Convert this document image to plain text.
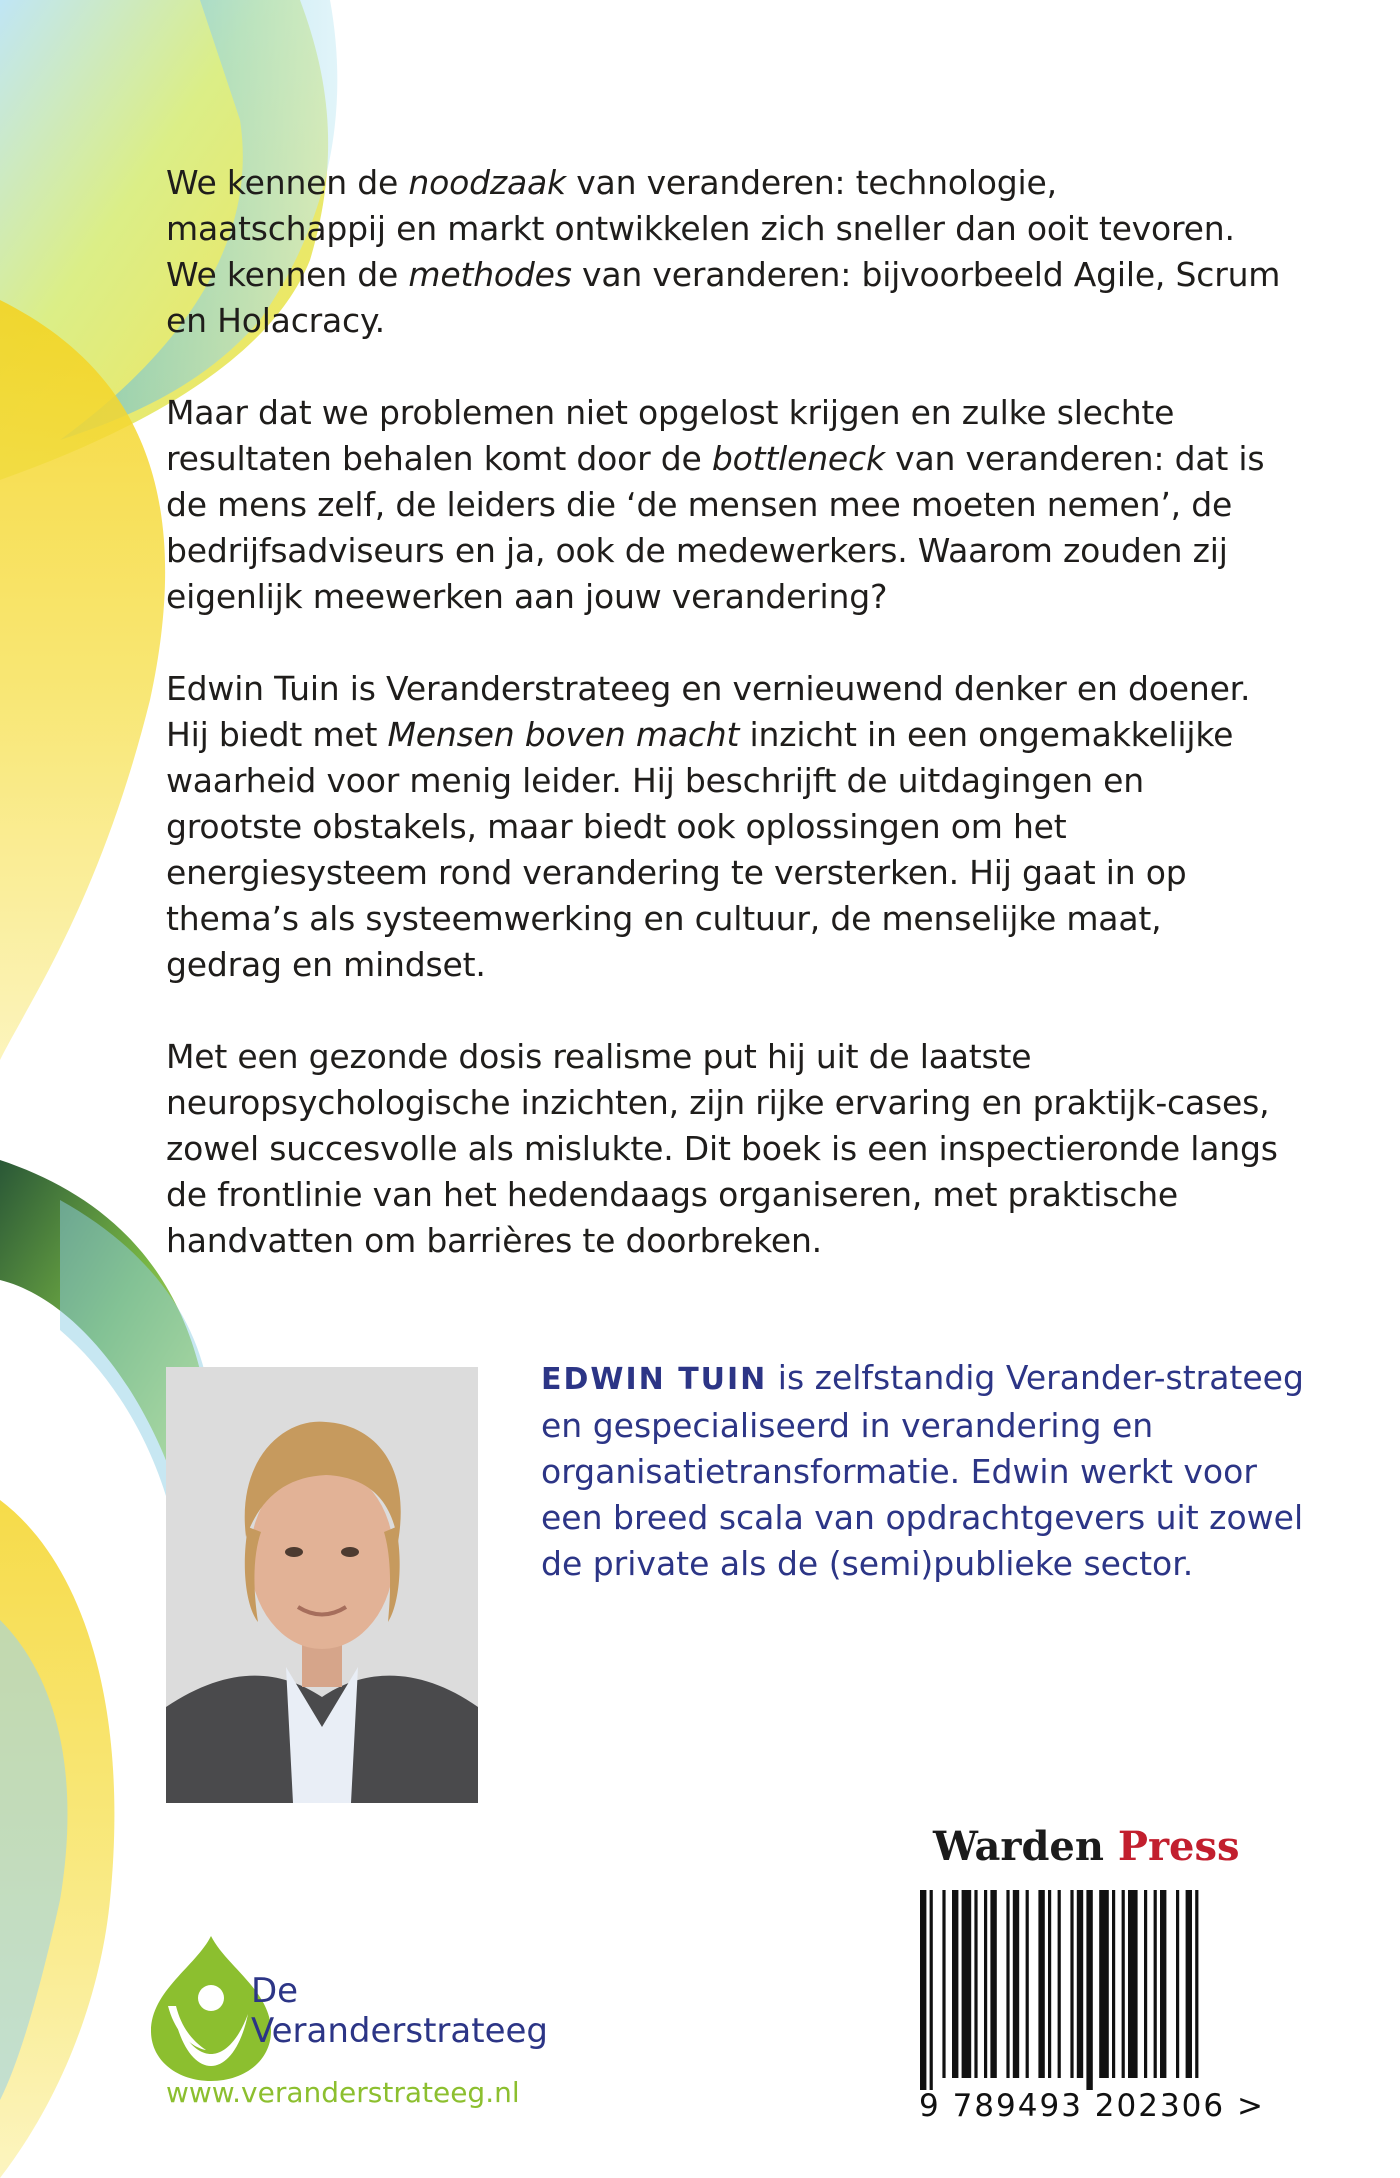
We kennen de noodzaak van veranderen: technologie, maatschappij en markt ontwikkelen zich sneller dan ooit tevoren. We kennen de methodes van veranderen: bijvoorbeeld Agile, Scrum en Holacracy.

Maar dat we problemen niet opgelost krijgen en zulke slechte resultaten behalen komt door de bottleneck van veranderen: dat is de mens zelf, de leiders die ‘de mensen mee moeten nemen’, de bedrijfsadviseurs en ja, ook de medewerkers. Waarom zouden zij eigenlijk meewerken aan jouw verandering?

Edwin Tuin is Veranderstrateeg en vernieuwend denker en doener. Hij biedt met Mensen boven macht inzicht in een ongemakkelijke waarheid voor menig leider. Hij beschrijft de uitdagingen en grootste obstakels, maar biedt ook oplossingen om het energiesysteem rond verandering te versterken. Hij gaat in op thema’s als systeemwerking en cultuur, de menselijke maat, gedrag en mindset.

Met een gezonde dosis realisme put hij uit de laatste neuropsychologische inzichten, zijn rijke ervaring en praktijk-cases, zowel succesvolle als mislukte. Dit boek is een inspectieronde langs de frontlinie van het hedendaags organiseren, met praktische handvatten om barrières te doorbreken.

EDWIN TUIN is zelfstandig Verander-strateeg en gespecialiseerd in verandering en organisatietransformatie. Edwin werkt voor een breed scala van opdrachtgevers uit zowel de private als de (semi)publieke sector.
Warden Press
9 789493 202306 >
De
Veranderstrateeg
www.veranderstrateeg.nl
